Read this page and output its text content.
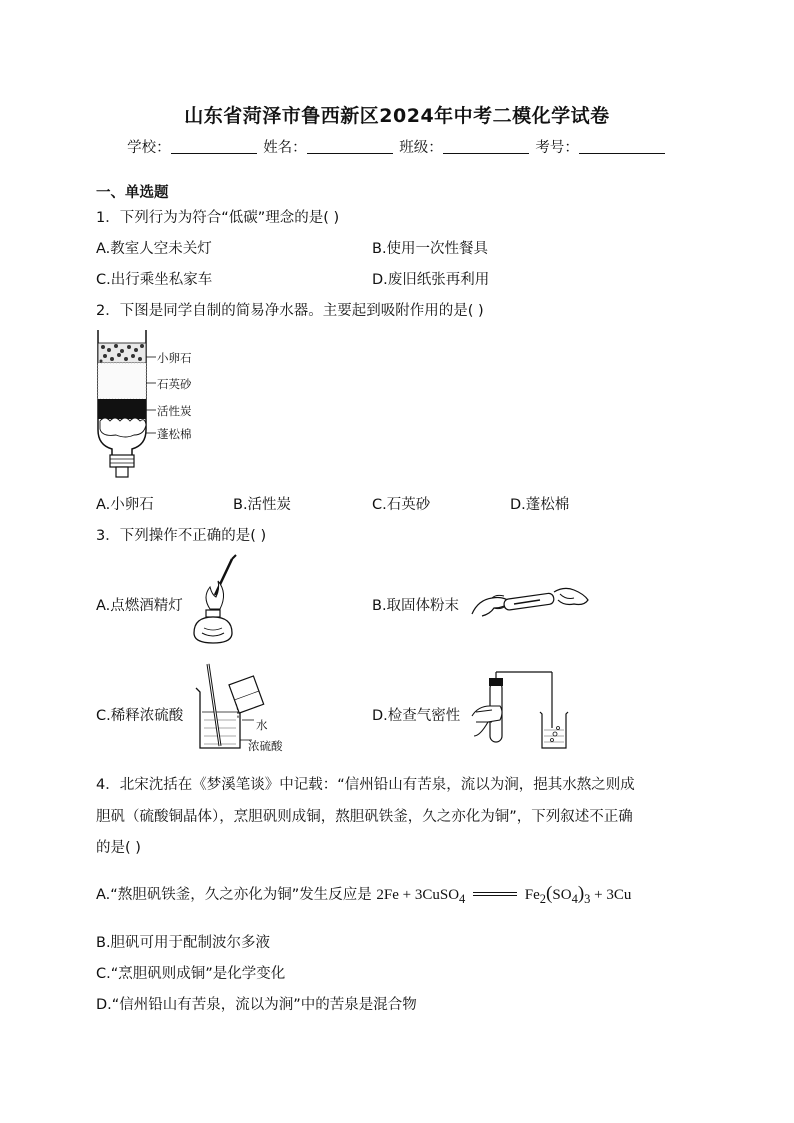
山东省菏泽市鲁西新区2024年中考二模化学试卷
学校：	姓名：	班级：	考号：
一、单选题
1．下列行为为符合“低碳”理念的是( )
A.教室人空未关灯	B.使用一次性餐具
C.出行乘坐私家车	D.废旧纸张再利用
2．下图是同学自制的简易净水器。主要起到吸附作用的是( )
小卵石
石英砂
活性炭
蓬松棉
A.小卵石	B.活性炭	C.石英砂	D.蓬松棉
3．下列操作不正确的是( )
A.点燃酒精灯	B.取固体粉末
C.稀释浓硫酸
水
浓硫酸
D.检查气密性
4．北宋沈括在《梦溪笔谈》中记载：“信州铅山有苦泉，流以为涧，挹其水熬之则成
胆矾（硫酸铜晶体），烹胆矾则成铜，熬胆矾铁釜，久之亦化为铜”，下列叙述不正确
的是( )
A.“熬胆矾铁釜，久之亦化为铜”发生反应是 2Fe + 3CuSO$_4$	$Fe_2(SO_4)_3 + 3Cu$
B.胆矾可用于配制波尔多液
C.“烹胆矾则成铜”是化学变化
D.“信州铅山有苦泉，流以为涧”中的苦泉是混合物
